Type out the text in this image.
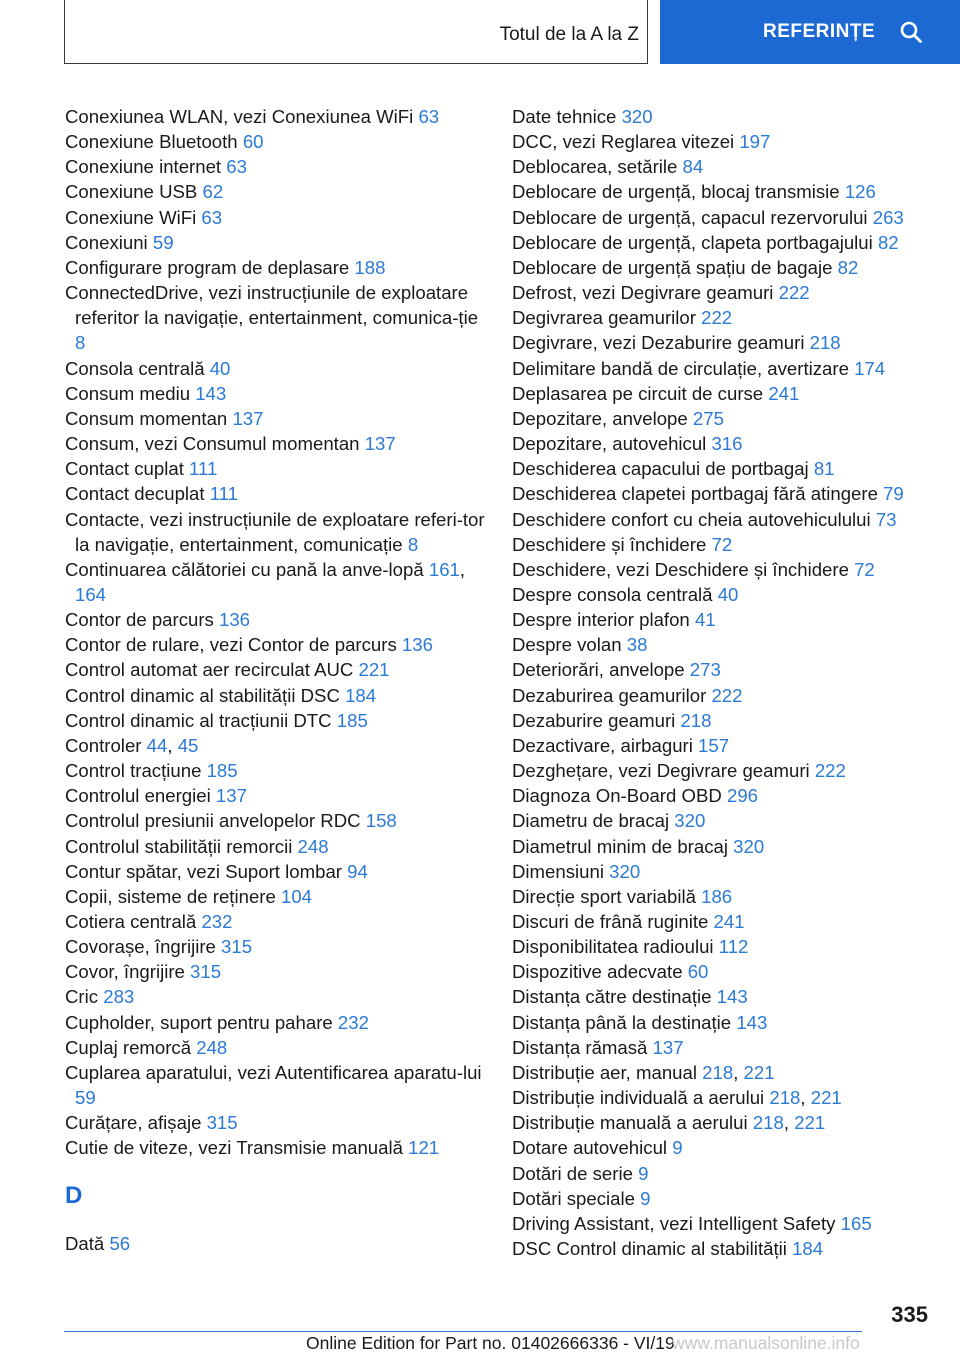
Totul de la A la Z	REFERINȚE
Conexiunea WLAN, vezi Conexiunea WiFi 63
Conexiune Bluetooth 60
Conexiune internet 63
Conexiune USB 62
Conexiune WiFi 63
Conexiuni 59
Configurare program de deplasare 188
ConnectedDrive, vezi instrucțiunile de exploatare referitor la navigație, entertainment, comunica‐ție 8
Consola centrală 40
Consum mediu 143
Consum momentan 137
Consum, vezi Consumul momentan 137
Contact cuplat 111
Contact decuplat 111
Contacte, vezi instrucțiunile de exploatare referi‐tor la navigație, entertainment, comunicație 8
Continuarea călătoriei cu pană la anve‐lopă 161, 164
Contor de parcurs 136
Contor de rulare, vezi Contor de parcurs 136
Control automat aer recirculat AUC 221
Control dinamic al stabilității DSC 184
Control dinamic al tracțiunii DTC 185
Controler 44, 45
Control tracțiune 185
Controlul energiei 137
Controlul presiunii anvelopelor RDC 158
Controlul stabilității remorcii 248
Contur spătar, vezi Suport lombar 94
Copii, sisteme de reținere 104
Cotiera centrală 232
Covorașe, îngrijire 315
Covor, îngrijire 315
Cric 283
Cupholder, suport pentru pahare 232
Cuplaj remorcă 248
Cuplarea aparatului, vezi Autentificarea aparatu‐lui 59
Curățare, afișaje 315
Cutie de viteze, vezi Transmisie manuală 121
D
Dată 56
Date tehnice 320
DCC, vezi Reglarea vitezei 197
Deblocarea, setările 84
Deblocare de urgență, blocaj transmisie 126
Deblocare de urgență, capacul rezervorului 263
Deblocare de urgență, clapeta portbagajului 82
Deblocare de urgență spațiu de bagaje 82
Defrost, vezi Degivrare geamuri 222
Degivrarea geamurilor 222
Degivrare, vezi Dezaburire geamuri 218
Delimitare bandă de circulație, avertizare 174
Deplasarea pe circuit de curse 241
Depozitare, anvelope 275
Depozitare, autovehicul 316
Deschiderea capacului de portbagaj 81
Deschiderea clapetei portbagaj fără atingere 79
Deschidere confort cu cheia autovehiculului 73
Deschidere și închidere 72
Deschidere, vezi Deschidere și închidere 72
Despre consola centrală 40
Despre interior plafon 41
Despre volan 38
Deteriorări, anvelope 273
Dezaburirea geamurilor 222
Dezaburire geamuri 218
Dezactivare, airbaguri 157
Dezghețare, vezi Degivrare geamuri 222
Diagnoza On-Board OBD 296
Diametru de bracaj 320
Diametrul minim de bracaj 320
Dimensiuni 320
Direcție sport variabilă 186
Discuri de frână ruginite 241
Disponibilitatea radioului 112
Dispozitive adecvate 60
Distanța către destinație 143
Distanța până la destinație 143
Distanța rămasă 137
Distribuție aer, manual 218, 221
Distribuție individuală a aerului 218, 221
Distribuție manuală a aerului 218, 221
Dotare autovehicul 9
Dotări de serie 9
Dotări speciale 9
Driving Assistant, vezi Intelligent Safety 165
DSC Control dinamic al stabilității 184
335
Online Edition for Part no. 01402666336 - VI/19
www.manualsonline.info
